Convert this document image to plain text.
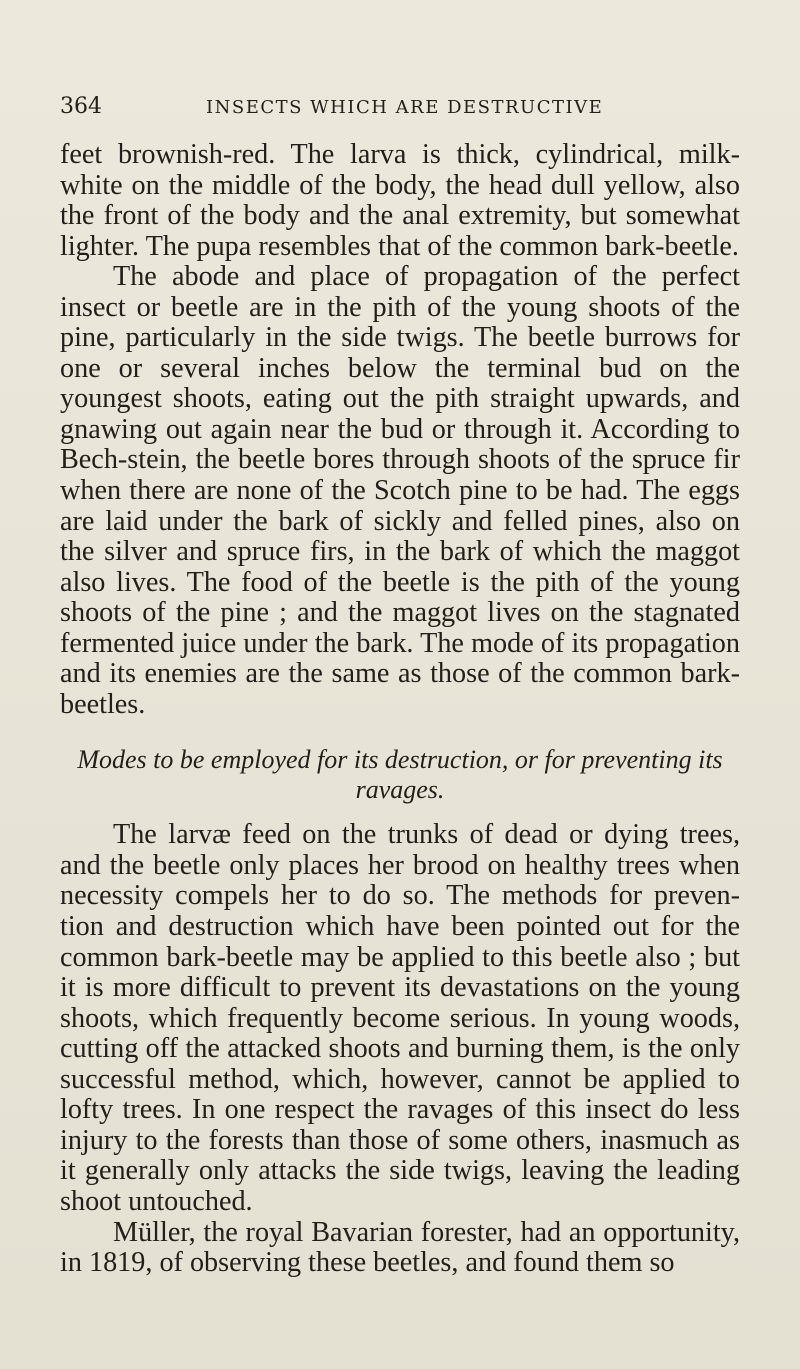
364	INSECTS WHICH ARE DESTRUCTIVE

feet brownish-red. The larva is thick, cylindrical, milk-white on the middle of the body, the head dull yellow, also the front of the body and the anal extremity, but somewhat lighter. The pupa resembles that of the common bark-beetle.

The abode and place of propagation of the perfect insect or beetle are in the pith of the young shoots of the pine, particularly in the side twigs. The beetle burrows for one or several inches below the terminal bud on the youngest shoots, eating out the pith straight upwards, and gnawing out again near the bud or through it. According to Bech-stein, the beetle bores through shoots of the spruce fir when there are none of the Scotch pine to be had. The eggs are laid under the bark of sickly and felled pines, also on the silver and spruce firs, in the bark of which the maggot also lives. The food of the beetle is the pith of the young shoots of the pine ; and the maggot lives on the stagnated fermented juice under the bark. The mode of its propagation and its enemies are the same as those of the common bark-beetles.

Modes to be employed for its destruction, or for preventing its ravages.

The larvæ feed on the trunks of dead or dying trees, and the beetle only places her brood on healthy trees when necessity compels her to do so. The methods for preven-tion and destruction which have been pointed out for the common bark-beetle may be applied to this beetle also ; but it is more difficult to prevent its devastations on the young shoots, which frequently become serious. In young woods, cutting off the attacked shoots and burning them, is the only successful method, which, however, cannot be applied to lofty trees. In one respect the ravages of this insect do less injury to the forests than those of some others, inasmuch as it generally only attacks the side twigs, leaving the leading shoot untouched.

Müller, the royal Bavarian forester, had an opportunity, in 1819, of observing these beetles, and found them so
